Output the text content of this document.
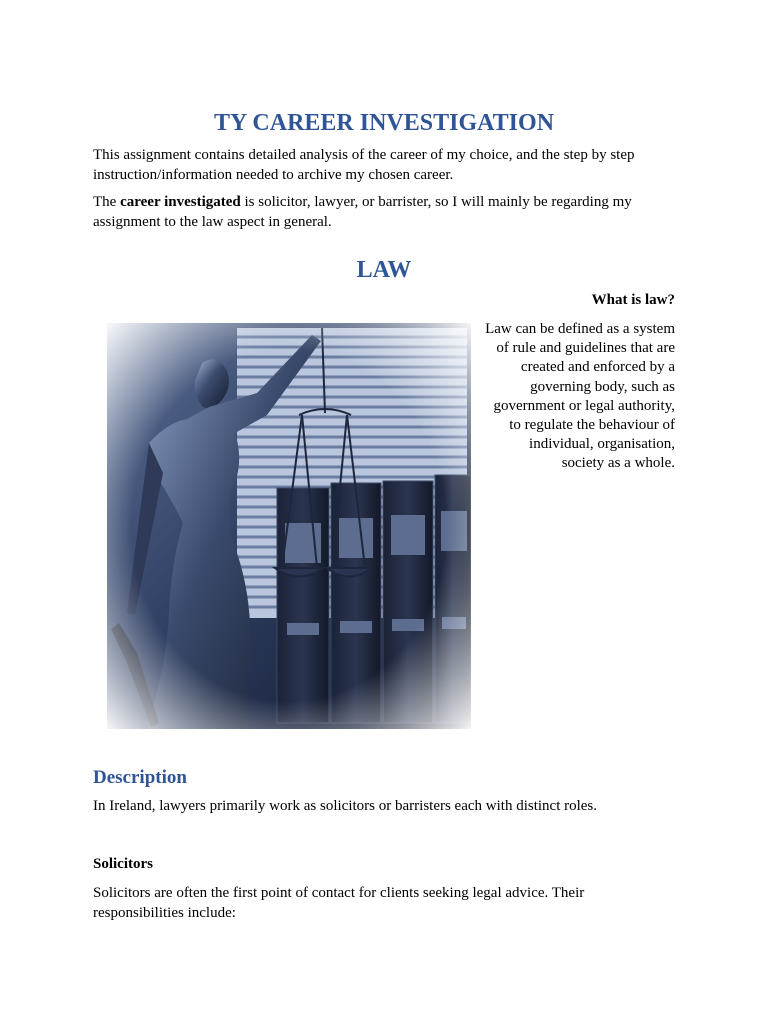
TY CAREER INVESTIGATION

This assignment contains detailed analysis of the career of my choice, and the step by step instruction/information needed to archive my chosen career.

The career investigated is solicitor, lawyer, or barrister, so I will mainly be regarding my assignment to the law aspect in general.

LAW

What is law?

Law can be defined as a system of rule and guidelines that are created and enforced by a governing body, such as government or legal authority, to regulate the behaviour of individual, organisation, society as a whole.

Description

In Ireland, lawyers primarily work as solicitors or barristers each with distinct roles.

Solicitors

Solicitors are often the first point of contact for clients seeking legal advice. Their responsibilities include:
